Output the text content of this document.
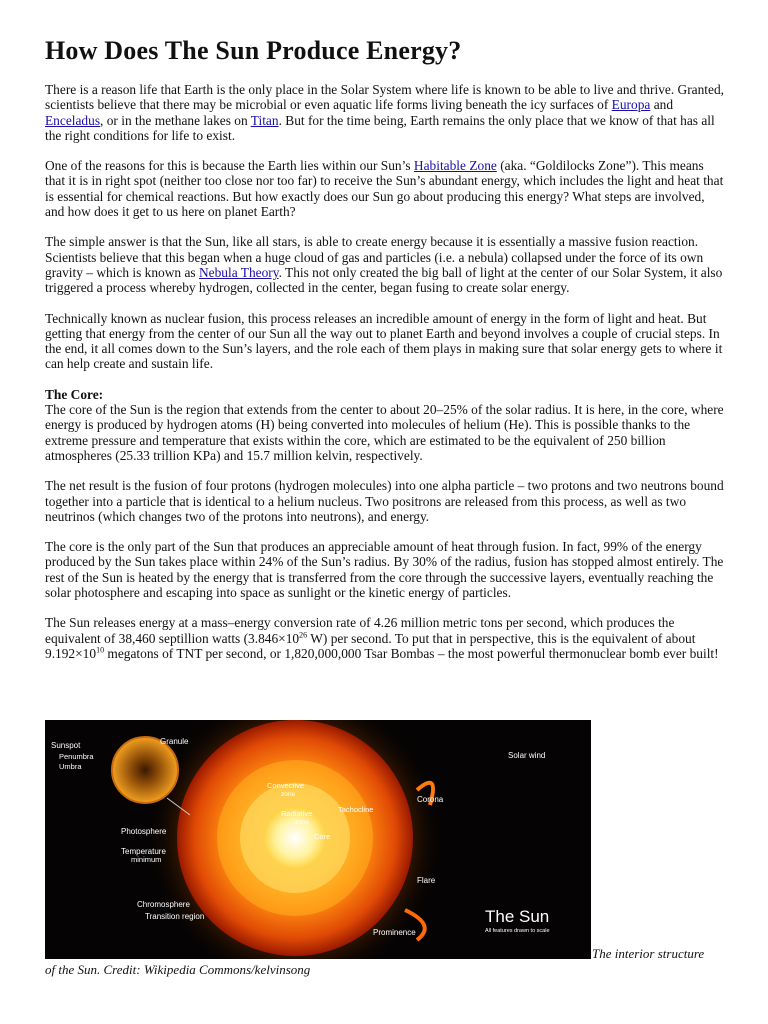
How Does The Sun Produce Energy?

There is a reason life that Earth is the only place in the Solar System where life is known to be able to live and thrive. Granted, scientists believe that there may be microbial or even aquatic life forms living beneath the icy surfaces of Europa and Enceladus, or in the methane lakes on Titan. But for the time being, Earth remains the only place that we know of that has all the right conditions for life to exist.

One of the reasons for this is because the Earth lies within our Sun’s Habitable Zone (aka. “Goldilocks Zone”). This means that it is in right spot (neither too close nor too far) to receive the Sun’s abundant energy, which includes the light and heat that is essential for chemical reactions. But how exactly does our Sun go about producing this energy? What steps are involved, and how does it get to us here on planet Earth?

The simple answer is that the Sun, like all stars, is able to create energy because it is essentially a massive fusion reaction. Scientists believe that this began when a huge cloud of gas and particles (i.e. a nebula) collapsed under the force of its own gravity – which is known as Nebula Theory. This not only created the big ball of light at the center of our Solar System, it also triggered a process whereby hydrogen, collected in the center, began fusing to create solar energy.

Technically known as nuclear fusion, this process releases an incredible amount of energy in the form of light and heat. But getting that energy from the center of our Sun all the way out to planet Earth and beyond involves a couple of crucial steps. In the end, it all comes down to the Sun’s layers, and the role each of them plays in making sure that solar energy gets to where it can help create and sustain life.

The Core:

The core of the Sun is the region that extends from the center to about 20–25% of the solar radius. It is here, in the core, where energy is produced by hydrogen atoms (H) being converted into molecules of helium (He). This is possible thanks to the extreme pressure and temperature that exists within the core, which are estimated to be the equivalent of 250 billion atmospheres (25.33 trillion KPa) and 15.7 million kelvin, respectively.

The net result is the fusion of four protons (hydrogen molecules) into one alpha particle – two protons and two neutrons bound together into a particle that is identical to a helium nucleus. Two positrons are released from this process, as well as two neutrinos (which changes two of the protons into neutrons), and energy.

The core is the only part of the Sun that produces an appreciable amount of heat through fusion. In fact, 99% of the energy produced by the Sun takes place within 24% of the Sun’s radius. By 30% of the radius, fusion has stopped almost entirely. The rest of the Sun is heated by the energy that is transferred from the core through the successive layers, eventually reaching the solar photosphere and escaping into space as sunlight or the kinetic energy of particles.

The Sun releases energy at a mass–energy conversion rate of 4.26 million metric tons per second, which produces the equivalent of 38,460 septillion watts ($3.846\times 10^{26}$ W) per second. To put that in perspective, this is the equivalent of about $9.192\times 10^{10}$ megatons of TNT per second, or 1,820,000,000 Tsar Bombas – the most powerful thermonuclear bomb ever built!

Sunspot
Penumbra
Umbra
Granule
Solar wind
Convective
zone
Radiative
zone
Tachocline
Corona
Core
Photosphere
Temperature
minimum
Flare
Chromosphere
Transition region
Prominence
The Sun
All features drawn to scale
The interior structure
of the Sun. Credit: Wikipedia Commons/kelvinsong
